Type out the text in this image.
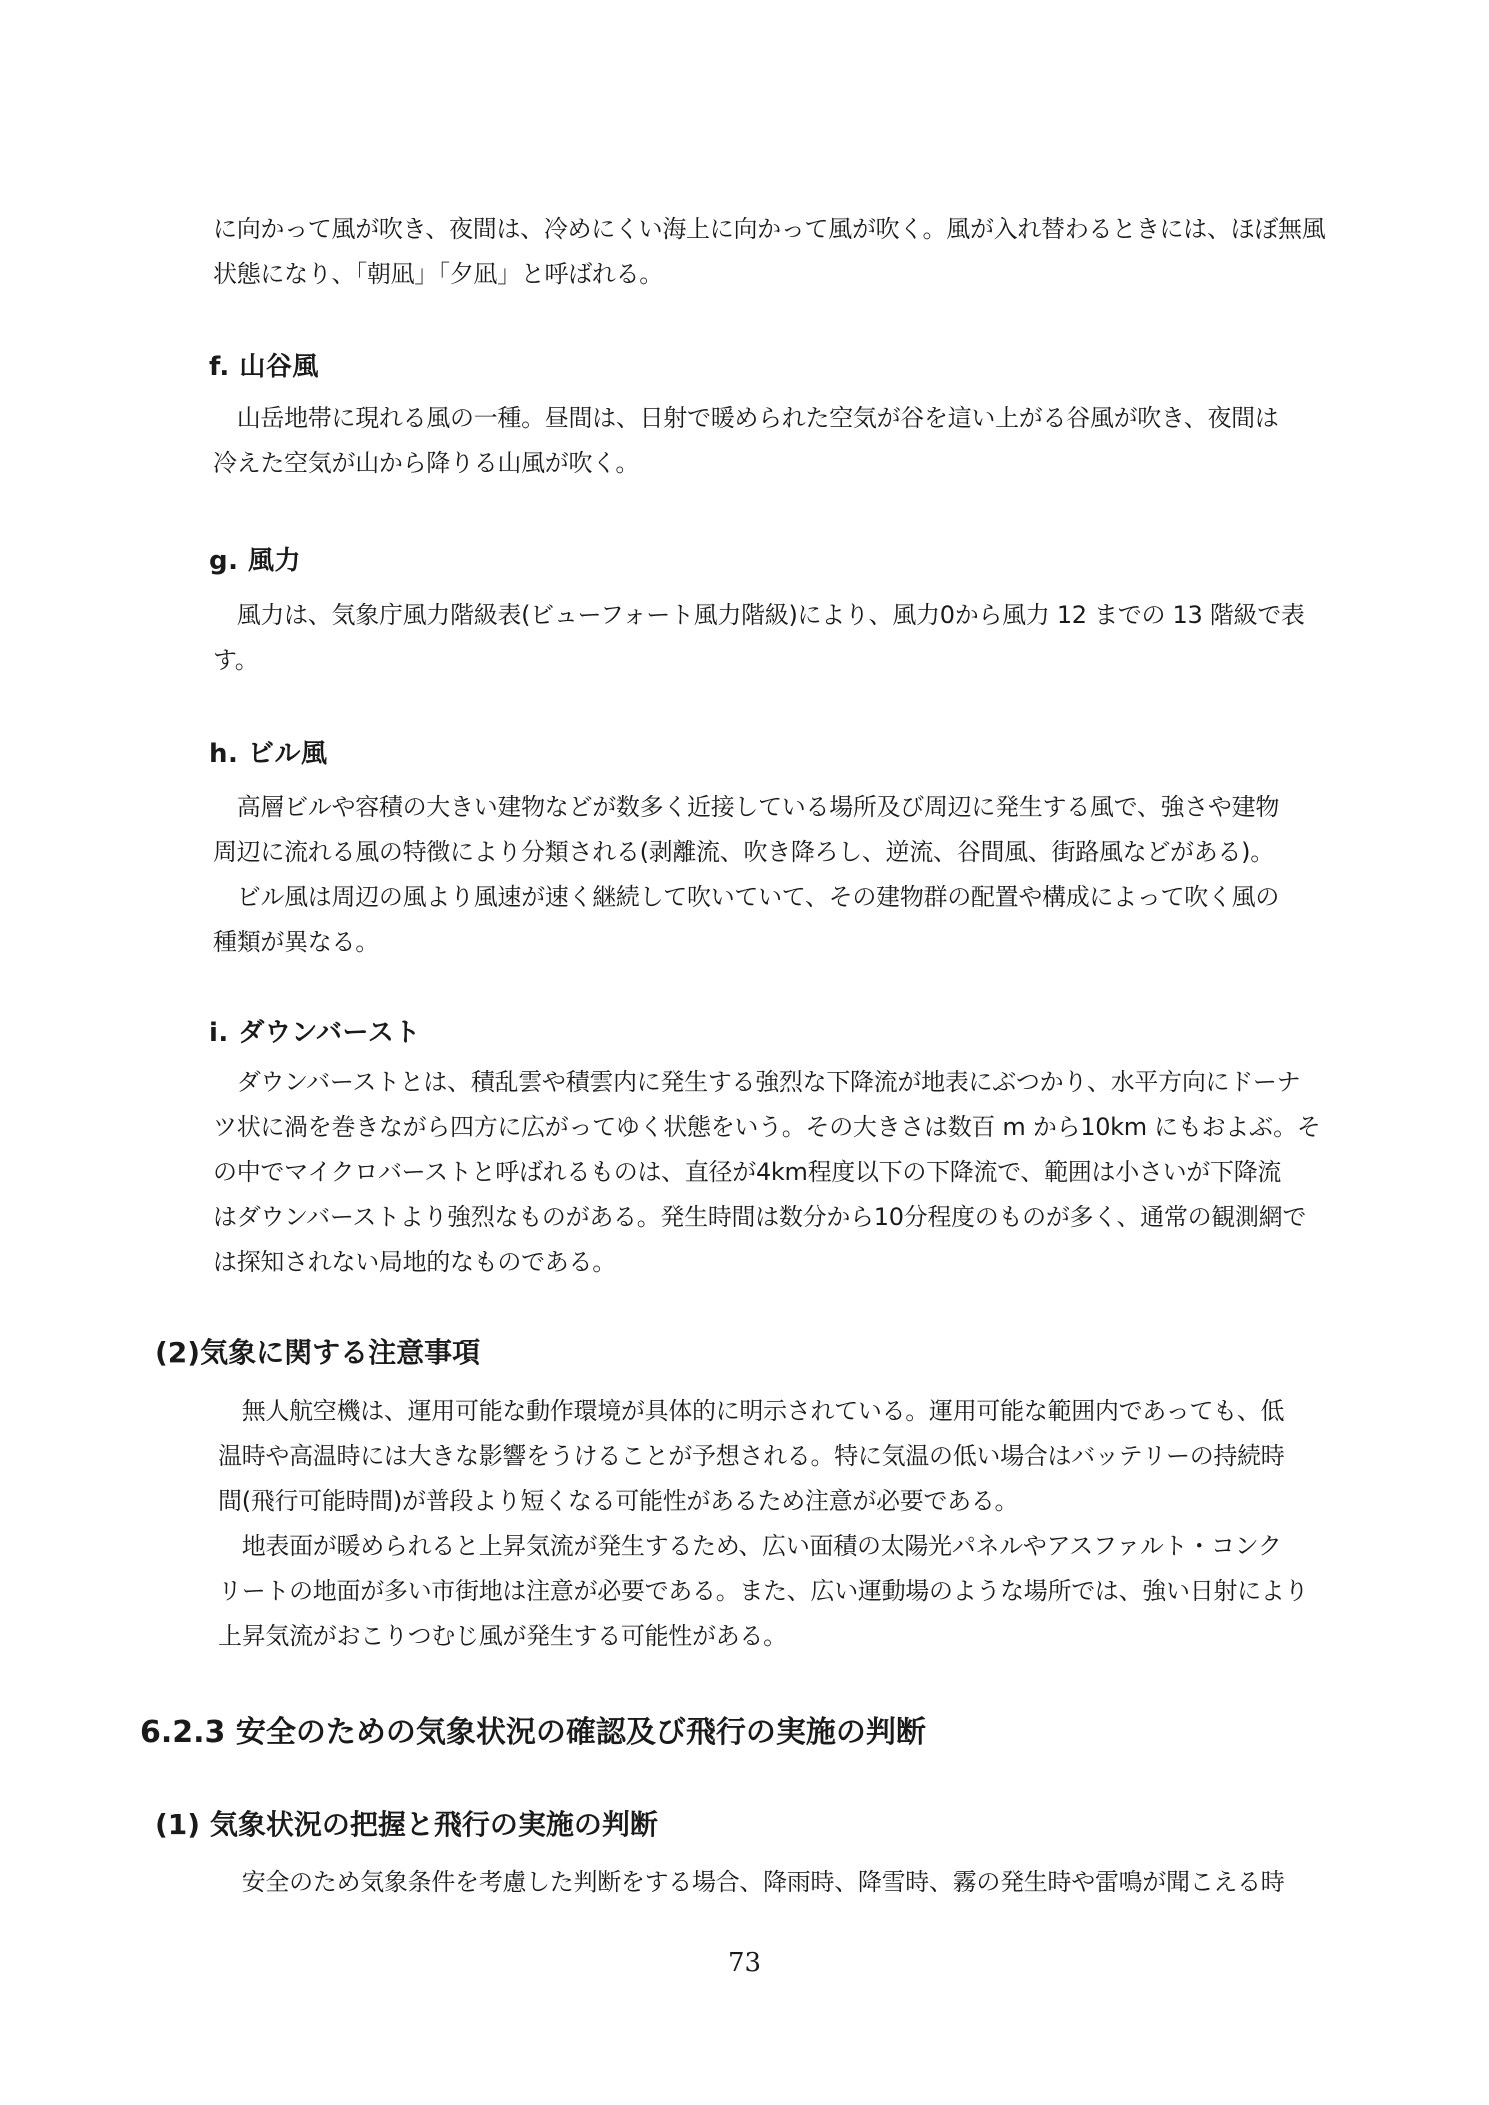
に向かって風が吹き、夜間は、冷めにくい海上に向かって風が吹く。風が入れ替わるときには、ほぼ無風
状態になり、「朝凪」「夕凪」と呼ばれる。
f. 山谷風
　山岳地帯に現れる風の一種。昼間は、日射で暖められた空気が谷を這い上がる谷風が吹き、夜間は
冷えた空気が山から降りる山風が吹く。
g. 風力
　風力は、気象庁風力階級表(ビューフォート風力階級)により、風力0から風力 12 までの 13 階級で表
す。
h. ビル風
　高層ビルや容積の大きい建物などが数多く近接している場所及び周辺に発生する風で、強さや建物
周辺に流れる風の特徴により分類される(剥離流、吹き降ろし、逆流、谷間風、街路風などがある)。
　ビル風は周辺の風より風速が速く継続して吹いていて、その建物群の配置や構成によって吹く風の
種類が異なる。
i. ダウンバースト
　ダウンバーストとは、積乱雲や積雲内に発生する強烈な下降流が地表にぶつかり、水平方向にドーナ
ツ状に渦を巻きながら四方に広がってゆく状態をいう。その大きさは数百 m から10km にもおよぶ。そ
の中でマイクロバーストと呼ばれるものは、直径が4km程度以下の下降流で、範囲は小さいが下降流
はダウンバーストより強烈なものがある。発生時間は数分から10分程度のものが多く、通常の観測網で
は探知されない局地的なものである。
(2)気象に関する注意事項
　無人航空機は、運用可能な動作環境が具体的に明示されている。運用可能な範囲内であっても、低
温時や高温時には大きな影響をうけることが予想される。特に気温の低い場合はバッテリーの持続時
間(飛行可能時間)が普段より短くなる可能性があるため注意が必要である。
　地表面が暖められると上昇気流が発生するため、広い面積の太陽光パネルやアスファルト・コンク
リートの地面が多い市街地は注意が必要である。また、広い運動場のような場所では、強い日射により
上昇気流がおこりつむじ風が発生する可能性がある。
6.2.3 安全のための気象状況の確認及び飛行の実施の判断
(1) 気象状況の把握と飛行の実施の判断
　安全のため気象条件を考慮した判断をする場合、降雨時、降雪時、霧の発生時や雷鳴が聞こえる時
73
